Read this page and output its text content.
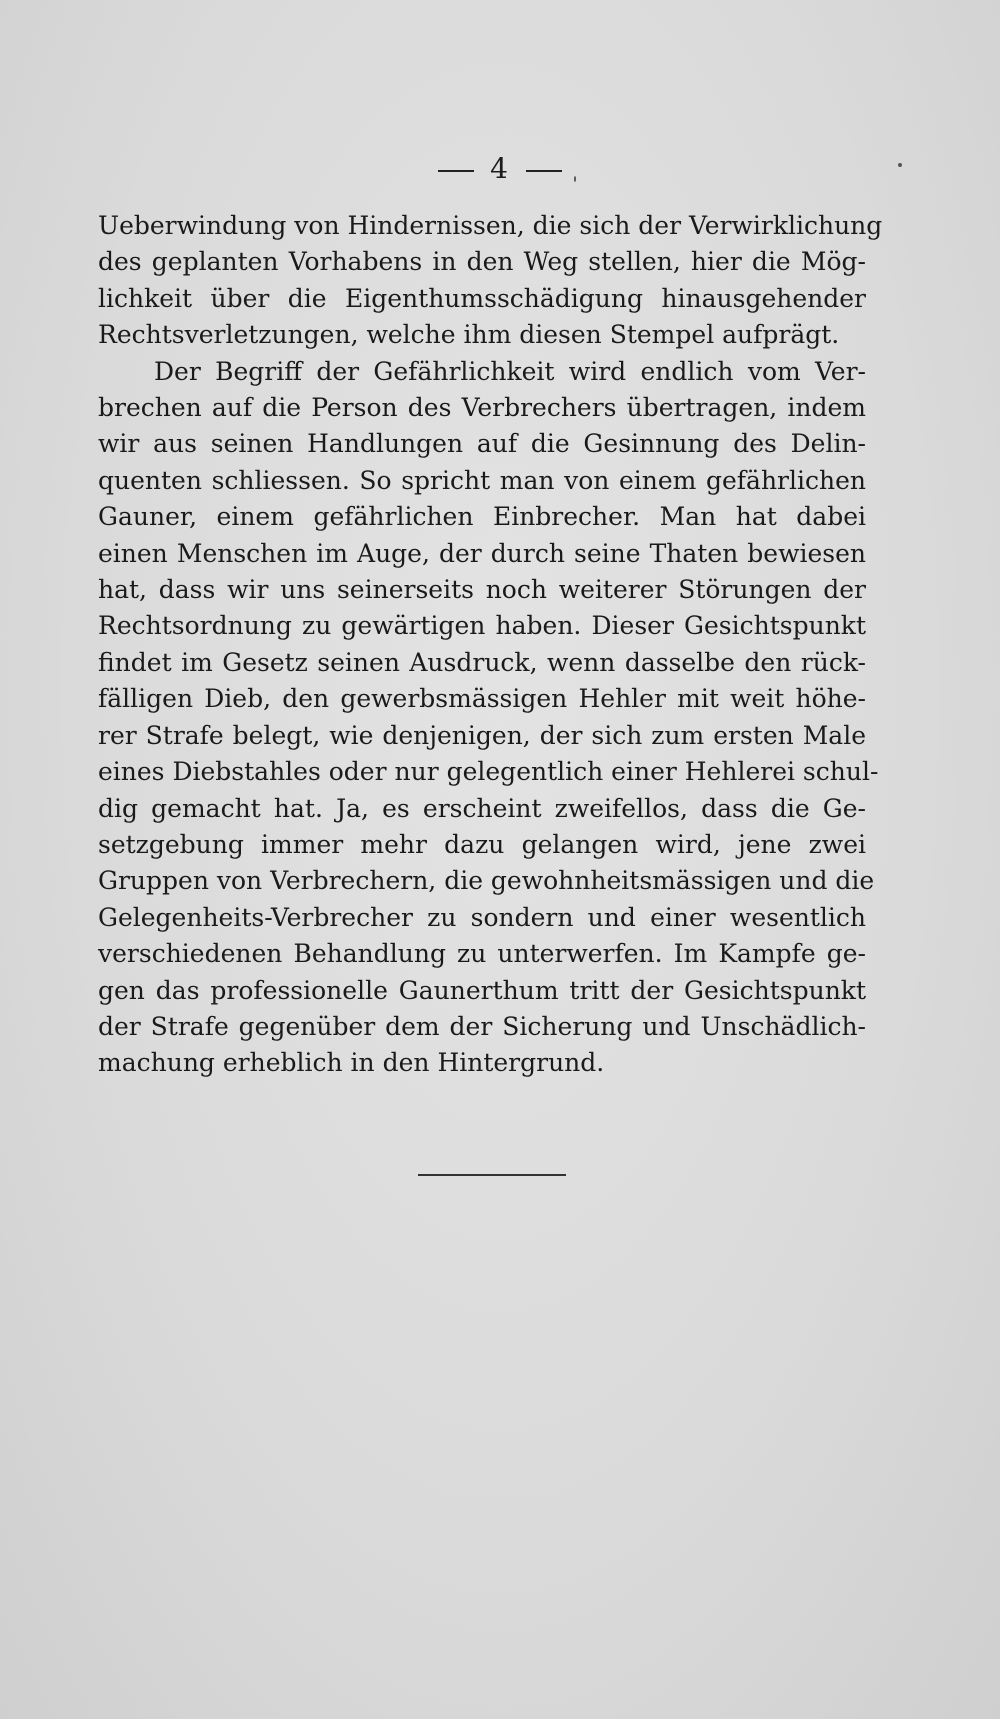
4
Ueberwindung von Hindernissen, die sich der Verwirklichung
des geplanten Vorhabens in den Weg stellen, hier die Mög-
lichkeit über die Eigenthumsschädigung hinausgehender
Rechtsverletzungen, welche ihm diesen Stempel aufprägt.
Der Begriff der Gefährlichkeit wird endlich vom Ver-
brechen auf die Person des Verbrechers übertragen, indem
wir aus seinen Handlungen auf die Gesinnung des Delin-
quenten schliessen. So spricht man von einem gefährlichen
Gauner, einem gefährlichen Einbrecher. Man hat dabei
einen Menschen im Auge, der durch seine Thaten bewiesen
hat, dass wir uns seinerseits noch weiterer Störungen der
Rechtsordnung zu gewärtigen haben. Dieser Gesichtspunkt
findet im Gesetz seinen Ausdruck, wenn dasselbe den rück-
fälligen Dieb, den gewerbsmässigen Hehler mit weit höhe-
rer Strafe belegt, wie denjenigen, der sich zum ersten Male
eines Diebstahles oder nur gelegentlich einer Hehlerei schul-
dig gemacht hat. Ja, es erscheint zweifellos, dass die Ge-
setzgebung immer mehr dazu gelangen wird, jene zwei
Gruppen von Verbrechern, die gewohnheitsmässigen und die
Gelegenheits-Verbrecher zu sondern und einer wesentlich
verschiedenen Behandlung zu unterwerfen. Im Kampfe ge-
gen das professionelle Gaunerthum tritt der Gesichtspunkt
der Strafe gegenüber dem der Sicherung und Unschädlich-
machung erheblich in den Hintergrund.
